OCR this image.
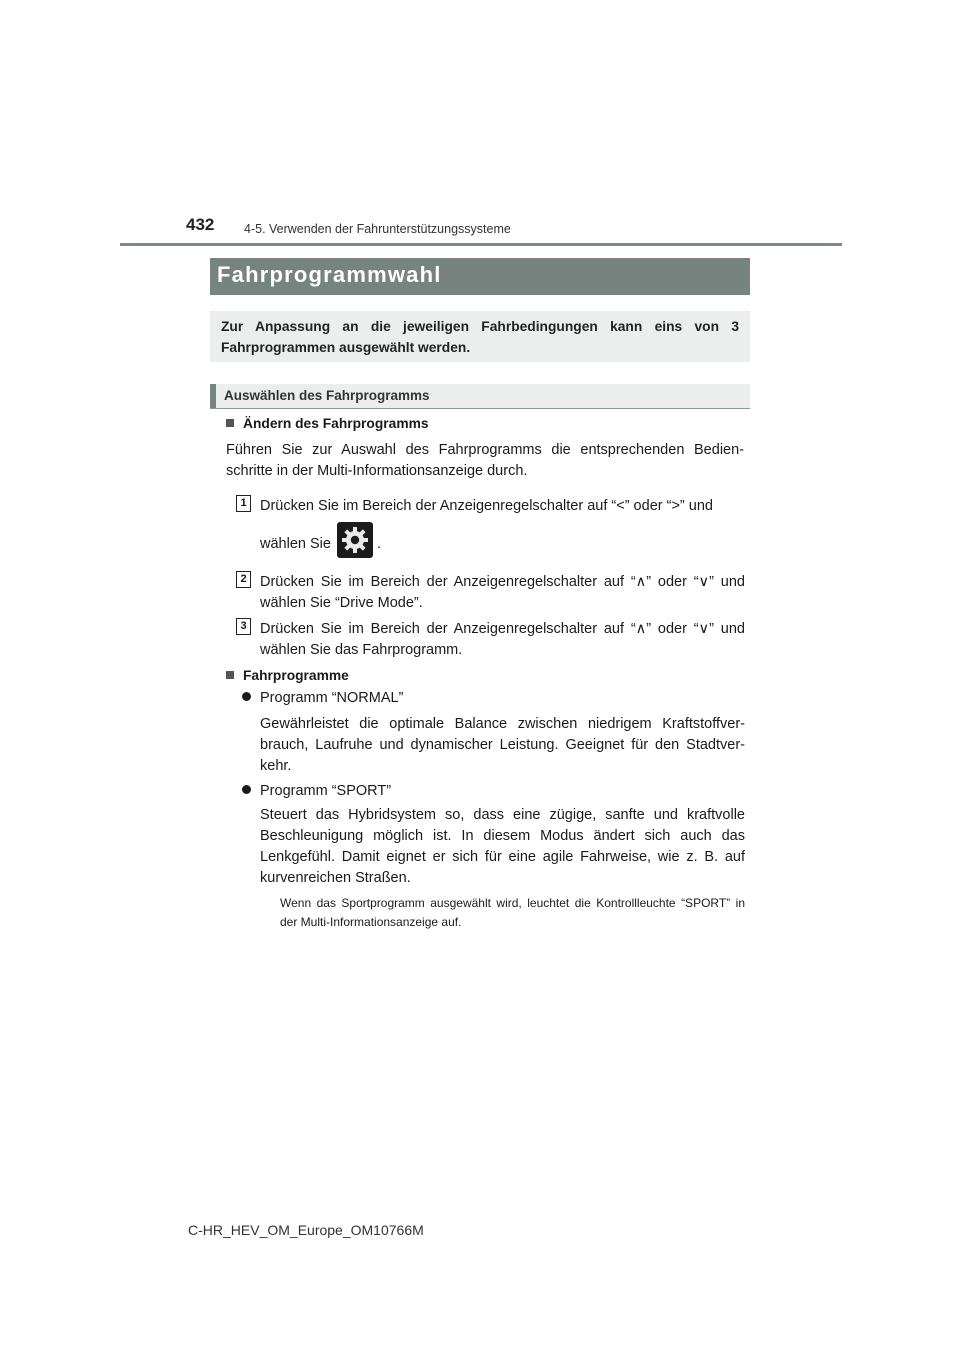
432 4-5. Verwenden der Fahrunterstützungssysteme
Fahrprogrammwahl
Zur Anpassung an die jeweiligen Fahrbedingungen kann eins von 3 Fahrprogrammen ausgewählt werden.
Auswählen des Fahrprogramms
Ändern des Fahrprogramms
Führen Sie zur Auswahl des Fahrprogramms die entsprechenden Bedien-schritte in der Multi-Informationsanzeige durch.
1 Drücken Sie im Bereich der Anzeigenregelschalter auf “<” oder “>” und
wählen Sie	.
2 Drücken Sie im Bereich der Anzeigenregelschalter auf “∧” oder “∨” und wählen Sie “Drive Mode”.
3 Drücken Sie im Bereich der Anzeigenregelschalter auf “∧” oder “∨” und wählen Sie das Fahrprogramm.
Fahrprogramme
Programm “NORMAL”
Gewährleistet die optimale Balance zwischen niedrigem Kraftstoffver-brauch, Laufruhe und dynamischer Leistung. Geeignet für den Stadtver-kehr.
Programm “SPORT”
Steuert das Hybridsystem so, dass eine zügige, sanfte und kraftvolle Beschleunigung möglich ist. In diesem Modus ändert sich auch das Lenkgefühl. Damit eignet er sich für eine agile Fahrweise, wie z. B. auf kurvenreichen Straßen.
Wenn das Sportprogramm ausgewählt wird, leuchtet die Kontrollleuchte “SPORT” in der Multi-Informationsanzeige auf.
C-HR_HEV_OM_Europe_OM10766M
